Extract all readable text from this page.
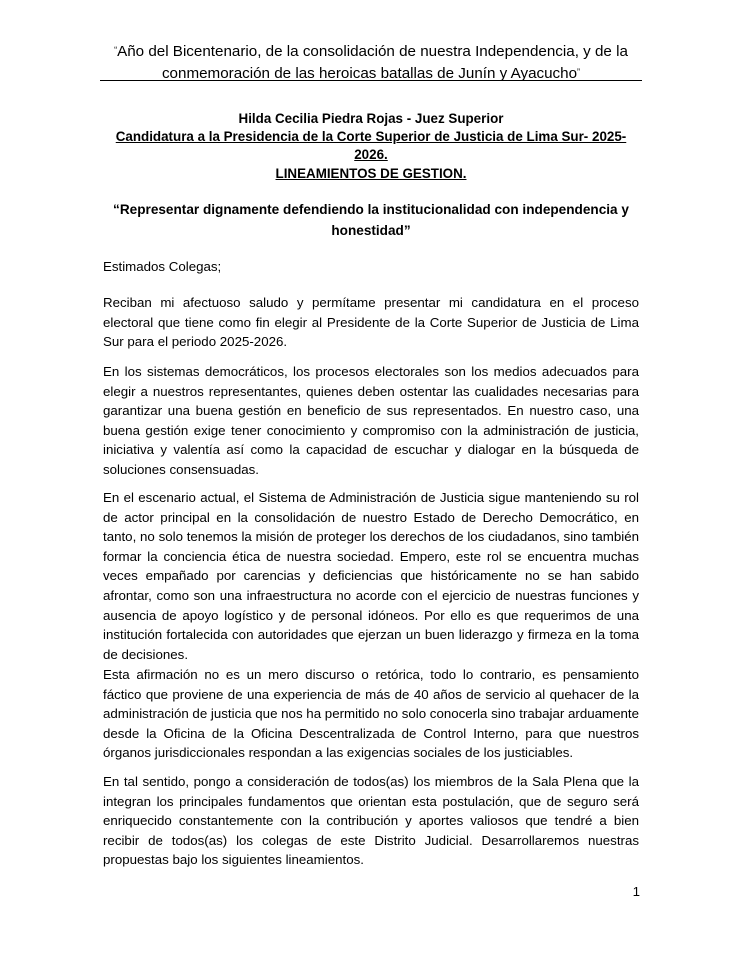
“Año del Bicentenario, de la consolidación de nuestra Independencia, y de la conmemoración de las heroicas batallas de Junín y Ayacucho”
Hilda Cecilia Piedra Rojas - Juez Superior
Candidatura a la Presidencia de la Corte Superior de Justicia de Lima Sur- 2025-2026.
LINEAMIENTOS DE GESTION.
“Representar dignamente defendiendo la institucionalidad con independencia y honestidad”
Estimados Colegas;
Reciban mi afectuoso saludo y permítame presentar mi candidatura en el proceso electoral que tiene como fin elegir al Presidente de la Corte Superior de Justicia de Lima Sur para el periodo 2025-2026.
En los sistemas democráticos, los procesos electorales son los medios adecuados para elegir a nuestros representantes, quienes deben ostentar las cualidades necesarias para garantizar una buena gestión en beneficio de sus representados. En nuestro caso, una buena gestión exige tener conocimiento y compromiso con la administración de justicia, iniciativa y valentía así como la capacidad de escuchar y dialogar en la búsqueda de soluciones consensuadas.
En el escenario actual, el Sistema de Administración de Justicia sigue manteniendo su rol de actor principal en la consolidación de nuestro Estado de Derecho Democrático, en tanto, no solo tenemos la misión de proteger los derechos de los ciudadanos, sino también formar la conciencia ética de nuestra sociedad. Empero, este rol se encuentra muchas veces empañado por carencias y deficiencias que históricamente no se han sabido afrontar, como son una infraestructura no acorde con el ejercicio de nuestras funciones y ausencia de apoyo logístico y de personal idóneos. Por ello es que requerimos de una institución fortalecida con autoridades que ejerzan un buen liderazgo y firmeza en la toma de decisiones.
Esta afirmación no es un mero discurso o retórica, todo lo contrario, es pensamiento fáctico que proviene de una experiencia de más de 40 años de servicio al quehacer de la administración de justicia que nos ha permitido no solo conocerla sino trabajar arduamente desde la Oficina de la Oficina Descentralizada de Control Interno, para que nuestros órganos jurisdiccionales respondan a las exigencias sociales de los justiciables.
En tal sentido, pongo a consideración de todos(as) los miembros de la Sala Plena que la integran los principales fundamentos que orientan esta postulación, que de seguro será enriquecido constantemente con la contribución y aportes valiosos que tendré a bien recibir de todos(as) los colegas de este Distrito Judicial. Desarrollaremos nuestras propuestas bajo los siguientes lineamientos.
1
